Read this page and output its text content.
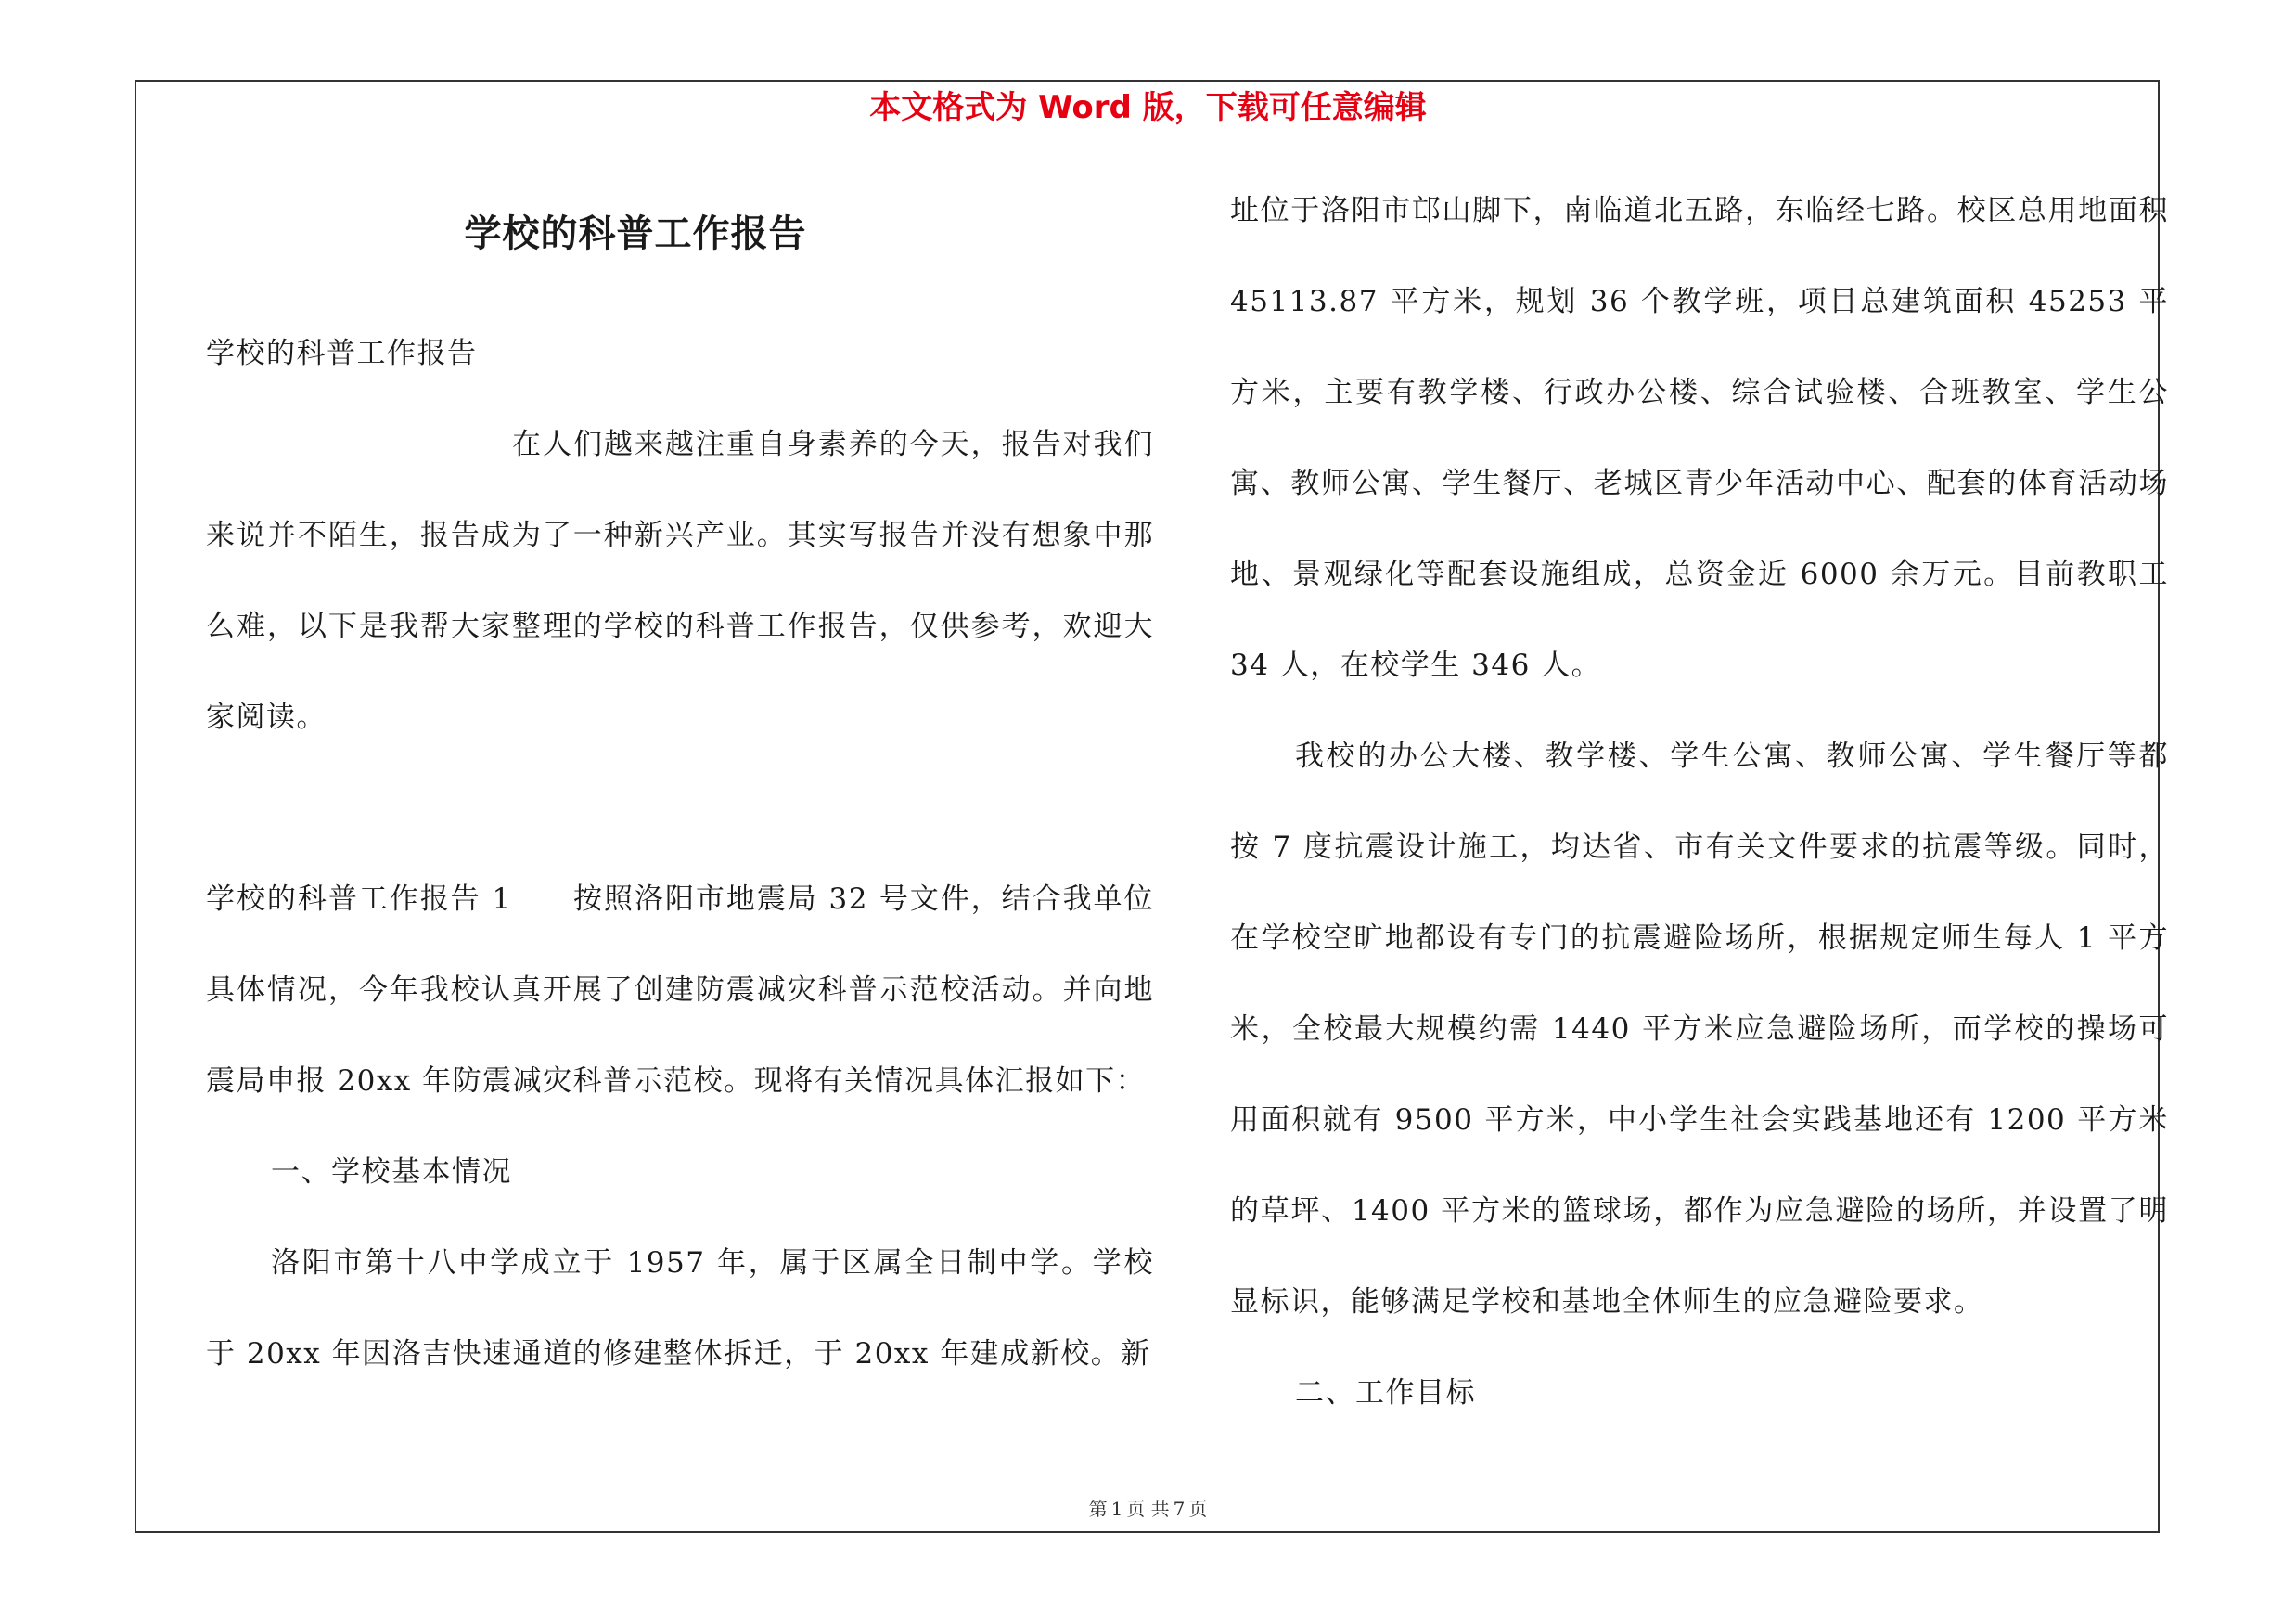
本文格式为 Word 版，下载可任意编辑
学校的科普工作报告

学校的科普工作报告

在人们越来越注重自身素养的今天，报告对我们来说并不陌生，报告成为了一种新兴产业。其实写报告并没有想象中那么难，以下是我帮大家整理的学校的科普工作报告，仅供参考，欢迎大家阅读。

学校的科普工作报告 1　　按照洛阳市地震局 32 号文件，结合我单位具体情况，今年我校认真开展了创建防震减灾科普示范校活动。并向地震局申报 20xx 年防震减灾科普示范校。现将有关情况具体汇报如下：

一、学校基本情况

洛阳市第十八中学成立于 1957 年，属于区属全日制中学。学校于 20xx 年因洛吉快速通道的修建整体拆迁，于 20xx 年建成新校。新

址位于洛阳市邙山脚下，南临道北五路，东临经七路。校区总用地面积 45113.87 平方米，规划 36 个教学班，项目总建筑面积 45253 平方米，主要有教学楼、行政办公楼、综合试验楼、合班教室、学生公寓、教师公寓、学生餐厅、老城区青少年活动中心、配套的体育活动场地、景观绿化等配套设施组成，总资金近 6000 余万元。目前教职工 34 人，在校学生 346 人。

我校的办公大楼、教学楼、学生公寓、教师公寓、学生餐厅等都按 7 度抗震设计施工，均达省、市有关文件要求的抗震等级。同时，在学校空旷地都设有专门的抗震避险场所，根据规定师生每人 1 平方米，全校最大规模约需 1440 平方米应急避险场所，而学校的操场可用面积就有 9500 平方米，中小学生社会实践基地还有 1200 平方米的草坪、1400 平方米的篮球场，都作为应急避险的场所，并设置了明显标识，能够满足学校和基地全体师生的应急避险要求。

二、工作目标

第 1 页 共 7 页
